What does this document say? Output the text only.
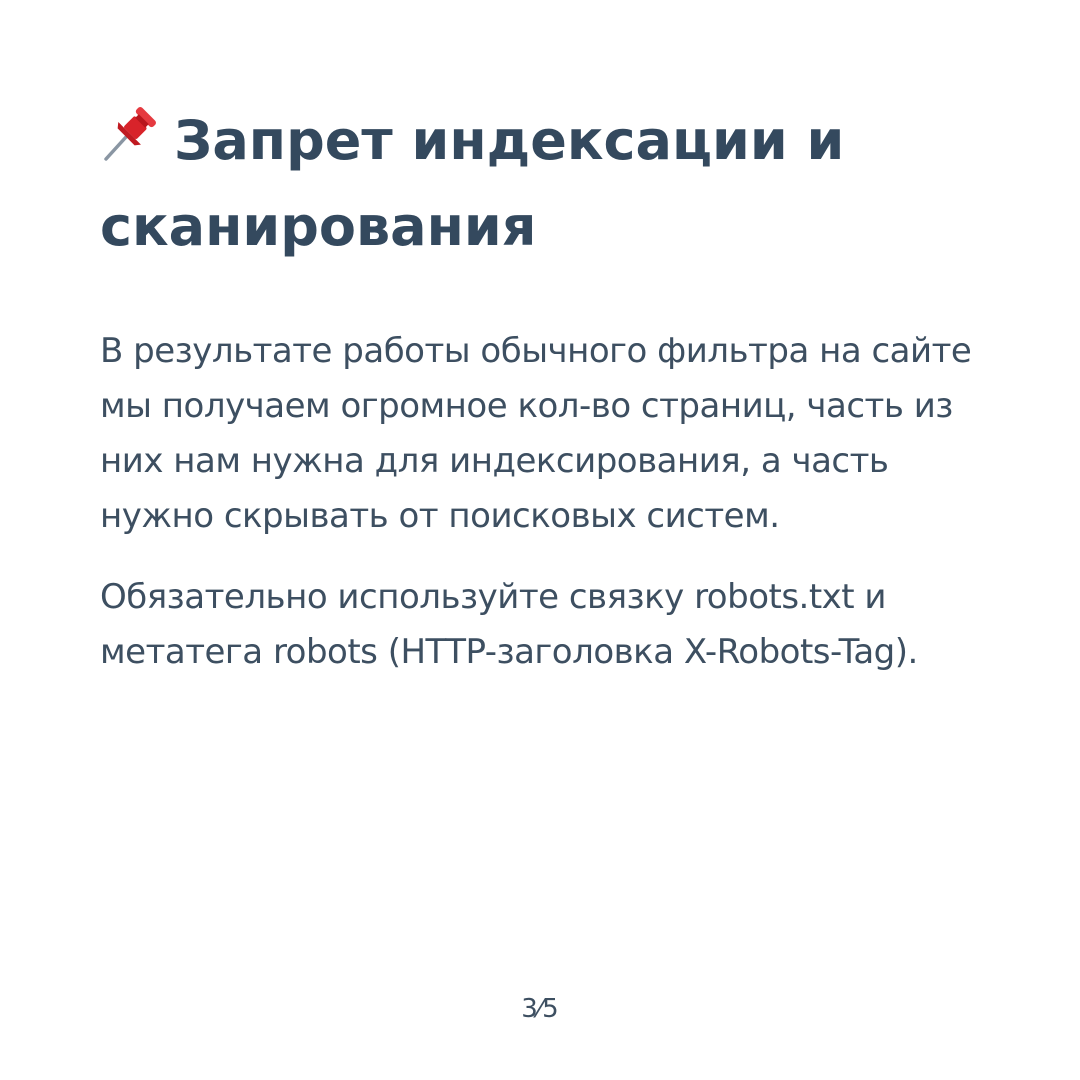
Запрет индексации и сканирования

В результате работы обычного фильтра на сайте мы получаем огромное кол-во страниц, часть из них нам нужна для индексирования, а часть нужно скрывать от поисковых систем.

Обязательно используйте связку robots.txt и метатега robots (HTTP-заголовка X-Robots-Tag).

3⁄5
